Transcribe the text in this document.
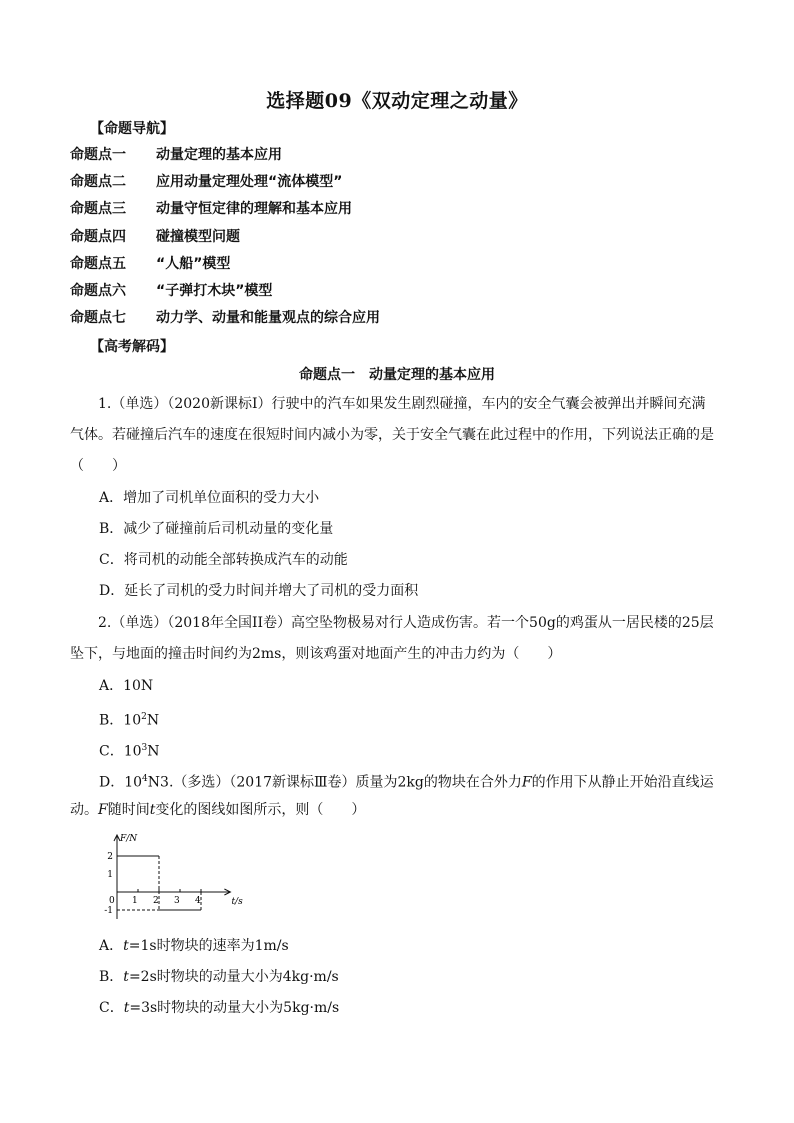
选择题09《双动定理之动量》
【命题导航】
命题点一 动量定理的基本应用
命题点二 应用动量定理处理“流体模型”
命题点三 动量守恒定律的理解和基本应用
命题点四 碰撞模型问题
命题点五 “人船”模型
命题点六 “子弹打木块”模型
命题点七 动力学、动量和能量观点的综合应用
【高考解码】
命题点一 动量定理的基本应用
1.（单选）（2020新课标Ⅰ）行驶中的汽车如果发生剧烈碰撞，车内的安全气囊会被弹出并瞬间充满
气体。若碰撞后汽车的速度在很短时间内减小为零，关于安全气囊在此过程中的作用，下列说法正确的是
（　　）
A．增加了司机单位面积的受力大小
B．减少了碰撞前后司机动量的变化量
C．将司机的动能全部转换成汽车的动能
D．延长了司机的受力时间并增大了司机的受力面积
2.（单选）（2018年全国II卷）高空坠物极易对行人造成伤害。若一个50g的鸡蛋从一居民楼的25层
坠下，与地面的撞击时间约为2ms，则该鸡蛋对地面产生的冲击力约为（　　）
A．10N
B．$10^2N$
C．$10^3N$
D．$10^4N3$.（多选）（2017新课标Ⅲ卷）质量为2kg的物块在合外力F的作用下从静止开始沿直线运
动。F随时间t变化的图线如图所示，则（　　）
F/N
t/s
2
1
-1
0 1 2 3 4
A．t=1s时物块的速率为1m/s
B．t=2s时物块的动量大小为4kg·m/s
C．t=3s时物块的动量大小为5kg·m/s
